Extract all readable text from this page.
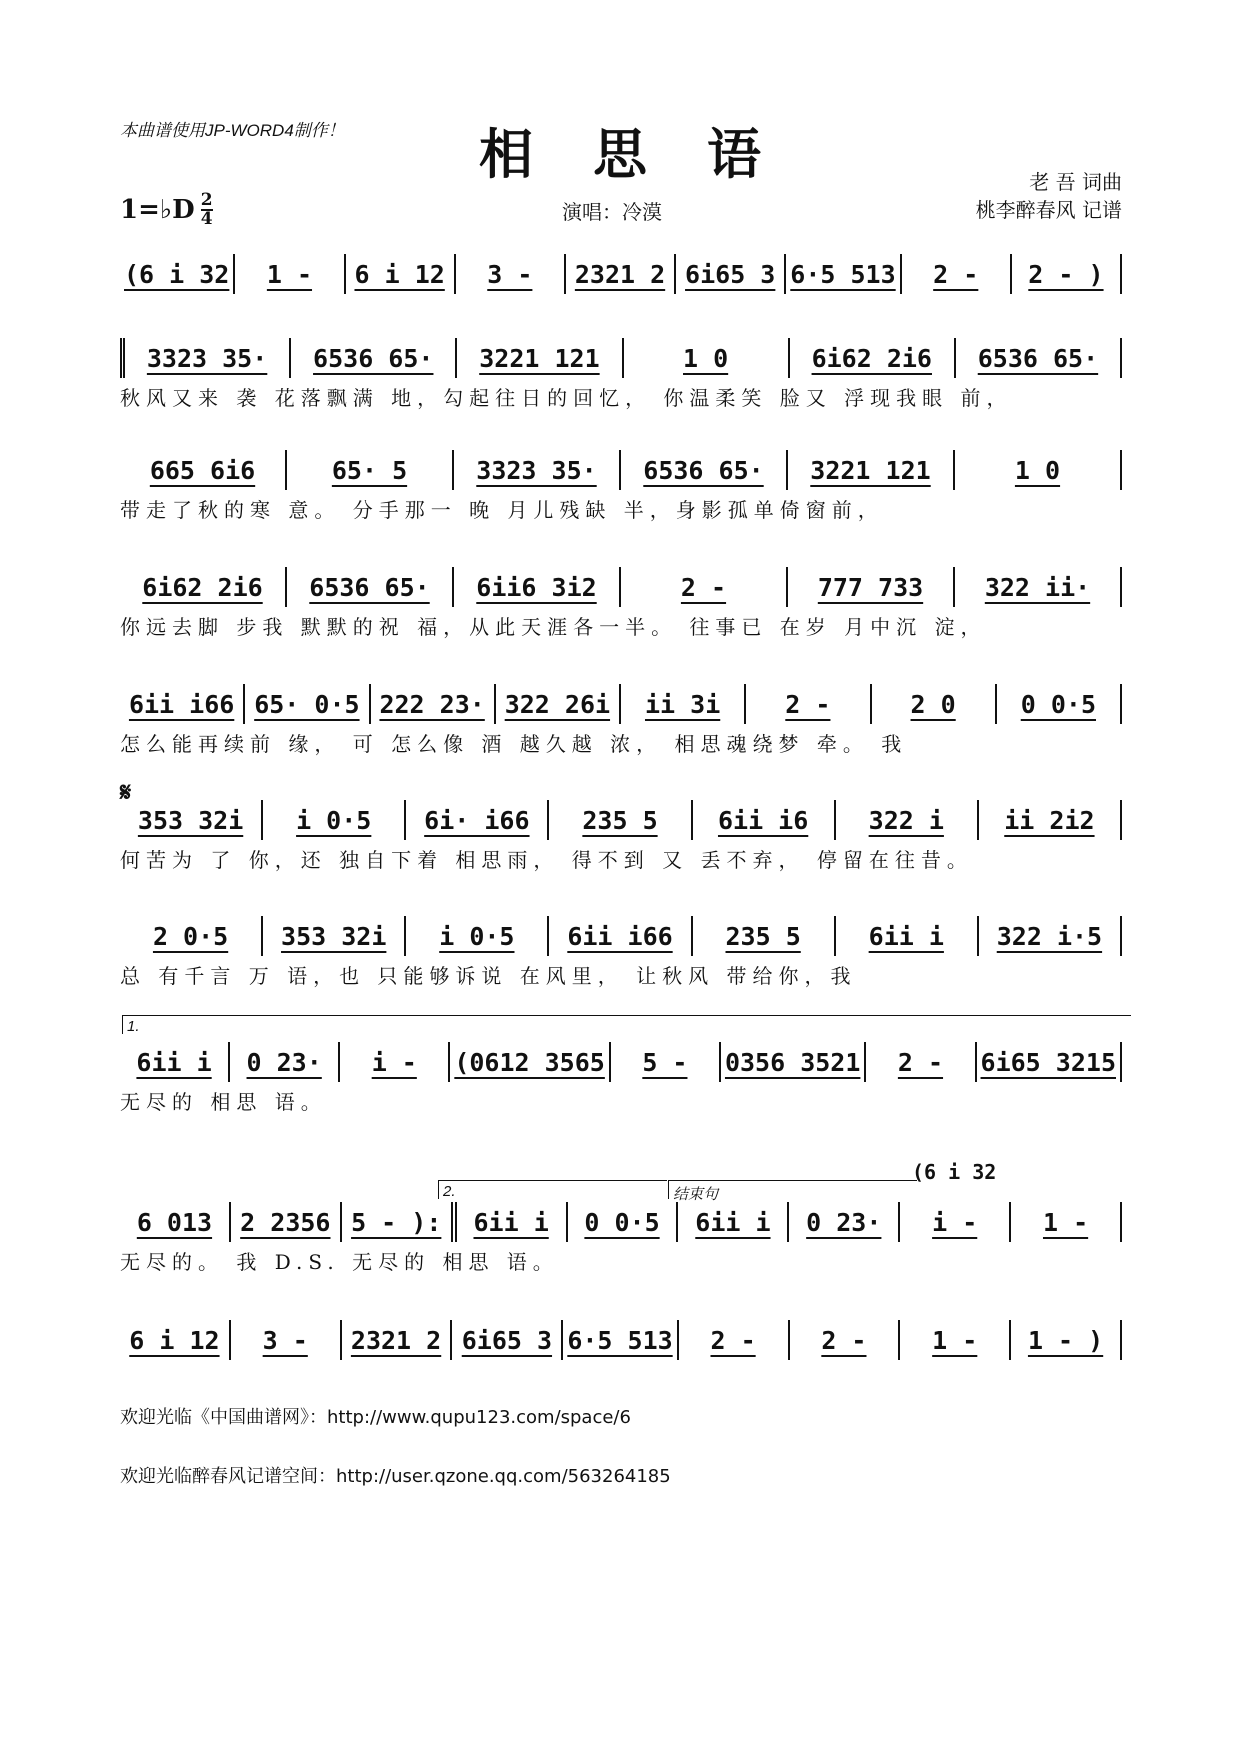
本曲谱使用JP-WORD4制作！	相思语	老 吾 词曲
桃李醉春风 记谱
演唱：冷漠
1=♭D $\frac{2}{4}$
𝄋
1.
2.	结束句
(6 i 32
(6 i 32	1 -	6 i 12	3 -	2321 2 6i65 3 6·5 513	2 -	2 - )
3323 35·	6536 65·	3221 121	1 0	6i62 2i6	6536 65·
秋风又来 袭 花落飘满 地，勾起往日的回忆， 你温柔笑 脸又 浮现我眼 前，
665 6i6	65· 5	3323 35·	6536 65·	3221 121	1 0
带走了秋的寒 意。 分手那一 晚 月儿残缺 半，身影孤单倚窗前，
6i62 2i6	6536 65·	6ii6 3i2	2 -	777 733	322 ii·
你远去脚 步我 默默的祝 福，从此天涯各一半。 往事已 在岁 月中沉 淀，
6ii i66 65· 0·5 222 23· 322 26i	ii 3i	2 -	2 0	0 0·5
怎么能再续前 缘， 可 怎么像 酒 越久越 浓， 相思魂绕梦 牵。 我
353 32i	i 0·5	6i· i66	235 5	6ii i6	322 i	ii 2i2
何苦为 了 你，还 独自下着 相思雨， 得不到 又 丢不弃， 停留在往昔。
2 0·5	353 32i	i 0·5	6ii i66	235 5	6ii i	322 i·5
总 有千言 万 语，也 只能够诉说 在风里， 让秋风 带给你，我
6ii i	0 23·	i -	(0612 3565	5 -	0356 3521	2 -	6i65 3215
无尽的 相思 语。
6 013	2 2356 5 - ):	6ii i	0 0·5	6ii i	0 23·	i -	1 -
无尽的。 我 D.S. 无尽的 相思 语。
6 i 12	3 -	2321 2 6i65 3 6·5 513	2 -	2 -	1 -	1 - )
欢迎光临《中国曲谱网》：http://www.qupu123.com/space/6
欢迎光临醉春风记谱空间：http://user.qzone.qq.com/563264185
